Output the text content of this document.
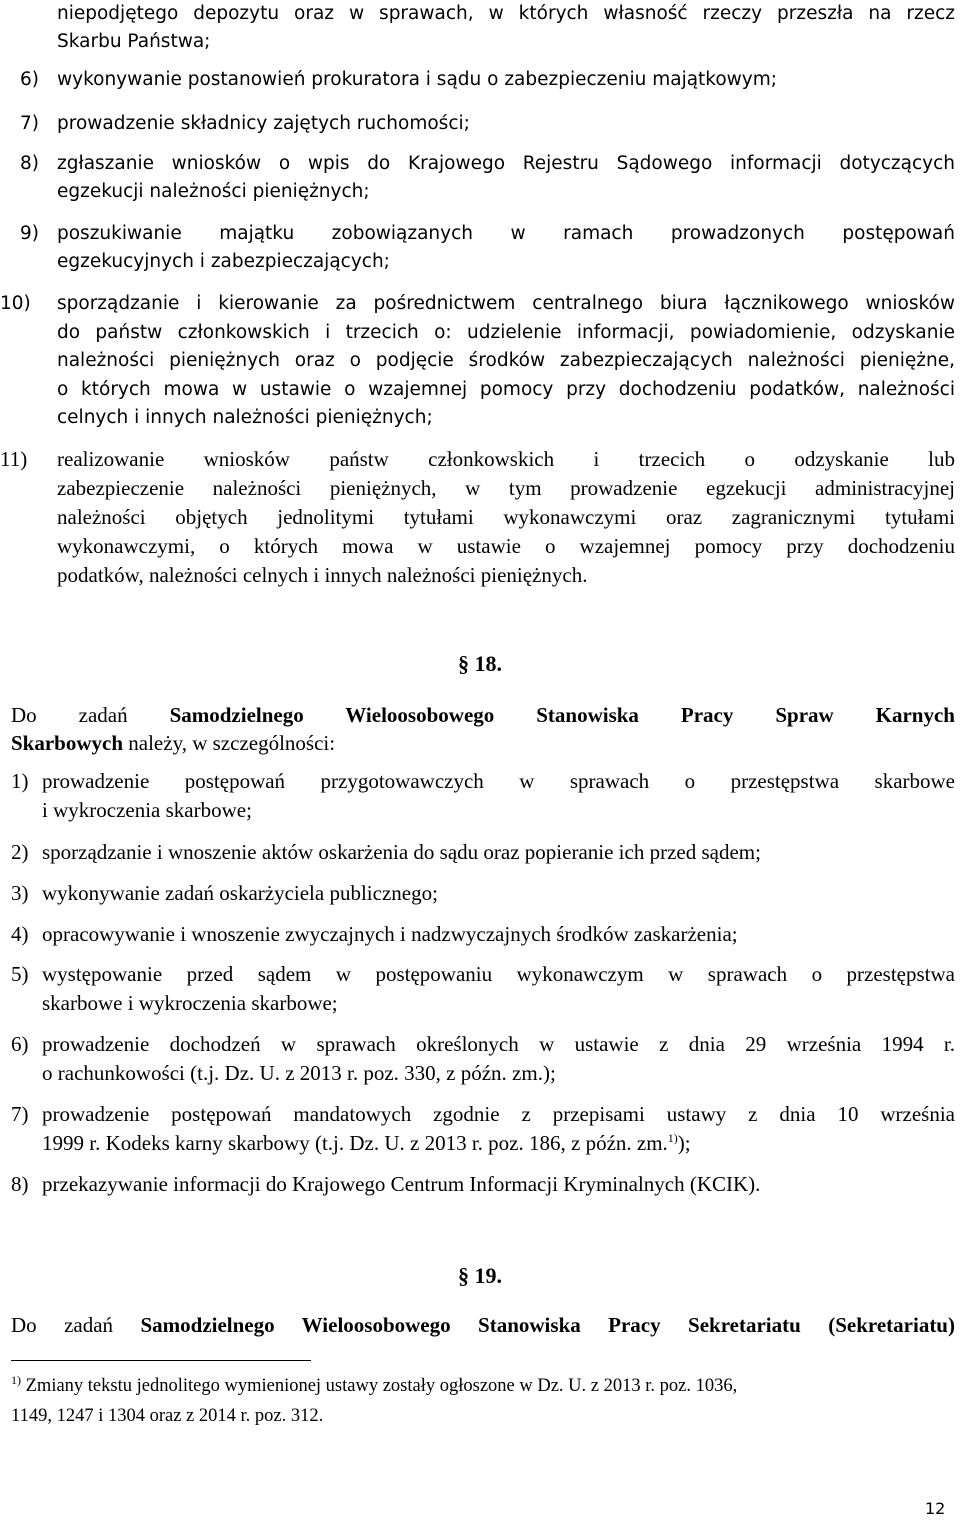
niepodjętego depozytu oraz w sprawach, w których własność rzeczy przeszła na rzecz
Skarbu Państwa;
6) wykonywanie postanowień prokuratora i sądu o zabezpieczeniu majątkowym;
7) prowadzenie składnicy zajętych ruchomości;
8) zgłaszanie wniosków o wpis do Krajowego Rejestru Sądowego informacji dotyczących
egzekucji należności pieniężnych;
9) poszukiwanie majątku zobowiązanych w ramach prowadzonych postępowań
egzekucyjnych i zabezpieczających;
10) sporządzanie i kierowanie za pośrednictwem centralnego biura łącznikowego wniosków
do państw członkowskich i trzecich o: udzielenie informacji, powiadomienie, odzyskanie
należności pieniężnych oraz o podjęcie środków zabezpieczających należności pieniężne,
o których mowa w ustawie o wzajemnej pomocy przy dochodzeniu podatków, należności
celnych i innych należności pieniężnych;
11) realizowanie wniosków państw członkowskich i trzecich o odzyskanie lub
zabezpieczenie należności pieniężnych, w tym prowadzenie egzekucji administracyjnej
należności objętych jednolitymi tytułami wykonawczymi oraz zagranicznymi tytułami
wykonawczymi, o których mowa w ustawie o wzajemnej pomocy przy dochodzeniu
podatków, należności celnych i innych należności pieniężnych.
§ 18.
Do zadań Samodzielnego Wieloosobowego Stanowiska Pracy Spraw Karnych
Skarbowych należy, w szczególności:
1) prowadzenie postępowań przygotowawczych w sprawach o przestępstwa skarbowe
i wykroczenia skarbowe;
2) sporządzanie i wnoszenie aktów oskarżenia do sądu oraz popieranie ich przed sądem;
3) wykonywanie zadań oskarżyciela publicznego;
4) opracowywanie i wnoszenie zwyczajnych i nadzwyczajnych środków zaskarżenia;
5) występowanie przed sądem w postępowaniu wykonawczym w sprawach o przestępstwa
skarbowe i wykroczenia skarbowe;
6) prowadzenie dochodzeń w sprawach określonych w ustawie z dnia 29 września 1994 r.
o rachunkowości (t.j. Dz. U. z 2013 r. poz. 330, z późn. zm.);
7) prowadzenie postępowań mandatowych zgodnie z przepisami ustawy z dnia 10 września
1999 r. Kodeks karny skarbowy (t.j. Dz. U. z 2013 r. poz. 186, z późn. zm.$^{1)}$);
8) przekazywanie informacji do Krajowego Centrum Informacji Kryminalnych (KCIK).
§ 19.
Do zadań Samodzielnego Wieloosobowego Stanowiska Pracy Sekretariatu (Sekretariatu)
$^{1)}$ Zmiany tekstu jednolitego wymienionej ustawy zostały ogłoszone w Dz. U. z 2013 r. poz. 1036,
1149, 1247 i 1304 oraz z 2014 r. poz. 312.
12
